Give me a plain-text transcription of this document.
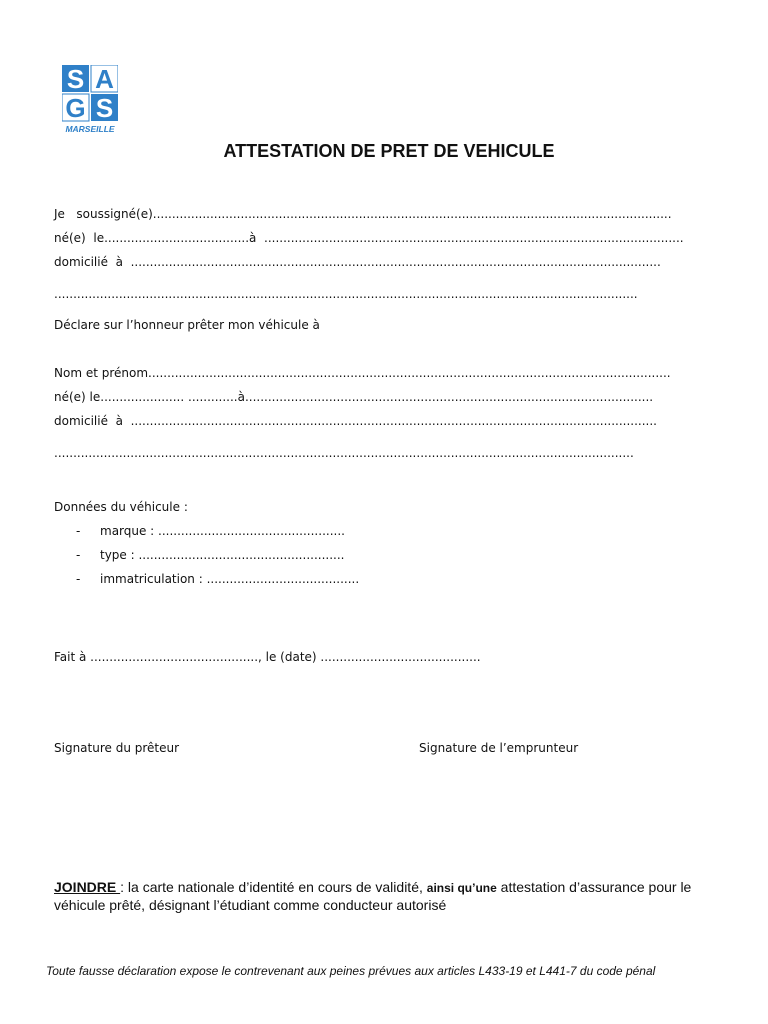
S A
G S
MARSEILLE

ATTESTATION DE PRET DE VEHICULE
Je   soussigné(e)........................................................................................................................................
né(e)  le......................................à  ..............................................................................................................
domicilié  à  ...........................................................................................................................................
.........................................................................................................................................................
Déclare sur l’honneur prêter mon véhicule à
Nom et prénom.........................................................................................................................................
né(e) le...................... .............à...........................................................................................................
domicilié  à  ..........................................................................................................................................
........................................................................................................................................................
Données du véhicule :
- marque : .................................................
- type : ......................................................
- immatriculation : ........................................
Fait à ............................................, le (date) ..........................................
Signature du prêteur	Signature de l’emprunteur
JOINDRE : la carte nationale d’identité en cours de validité, ainsi qu’une attestation d’assurance pour le véhicule prêté, désignant l’étudiant comme conducteur autorisé
Toute fausse déclaration expose le contrevenant aux peines prévues aux articles L433-19 et L441-7 du code pénal
